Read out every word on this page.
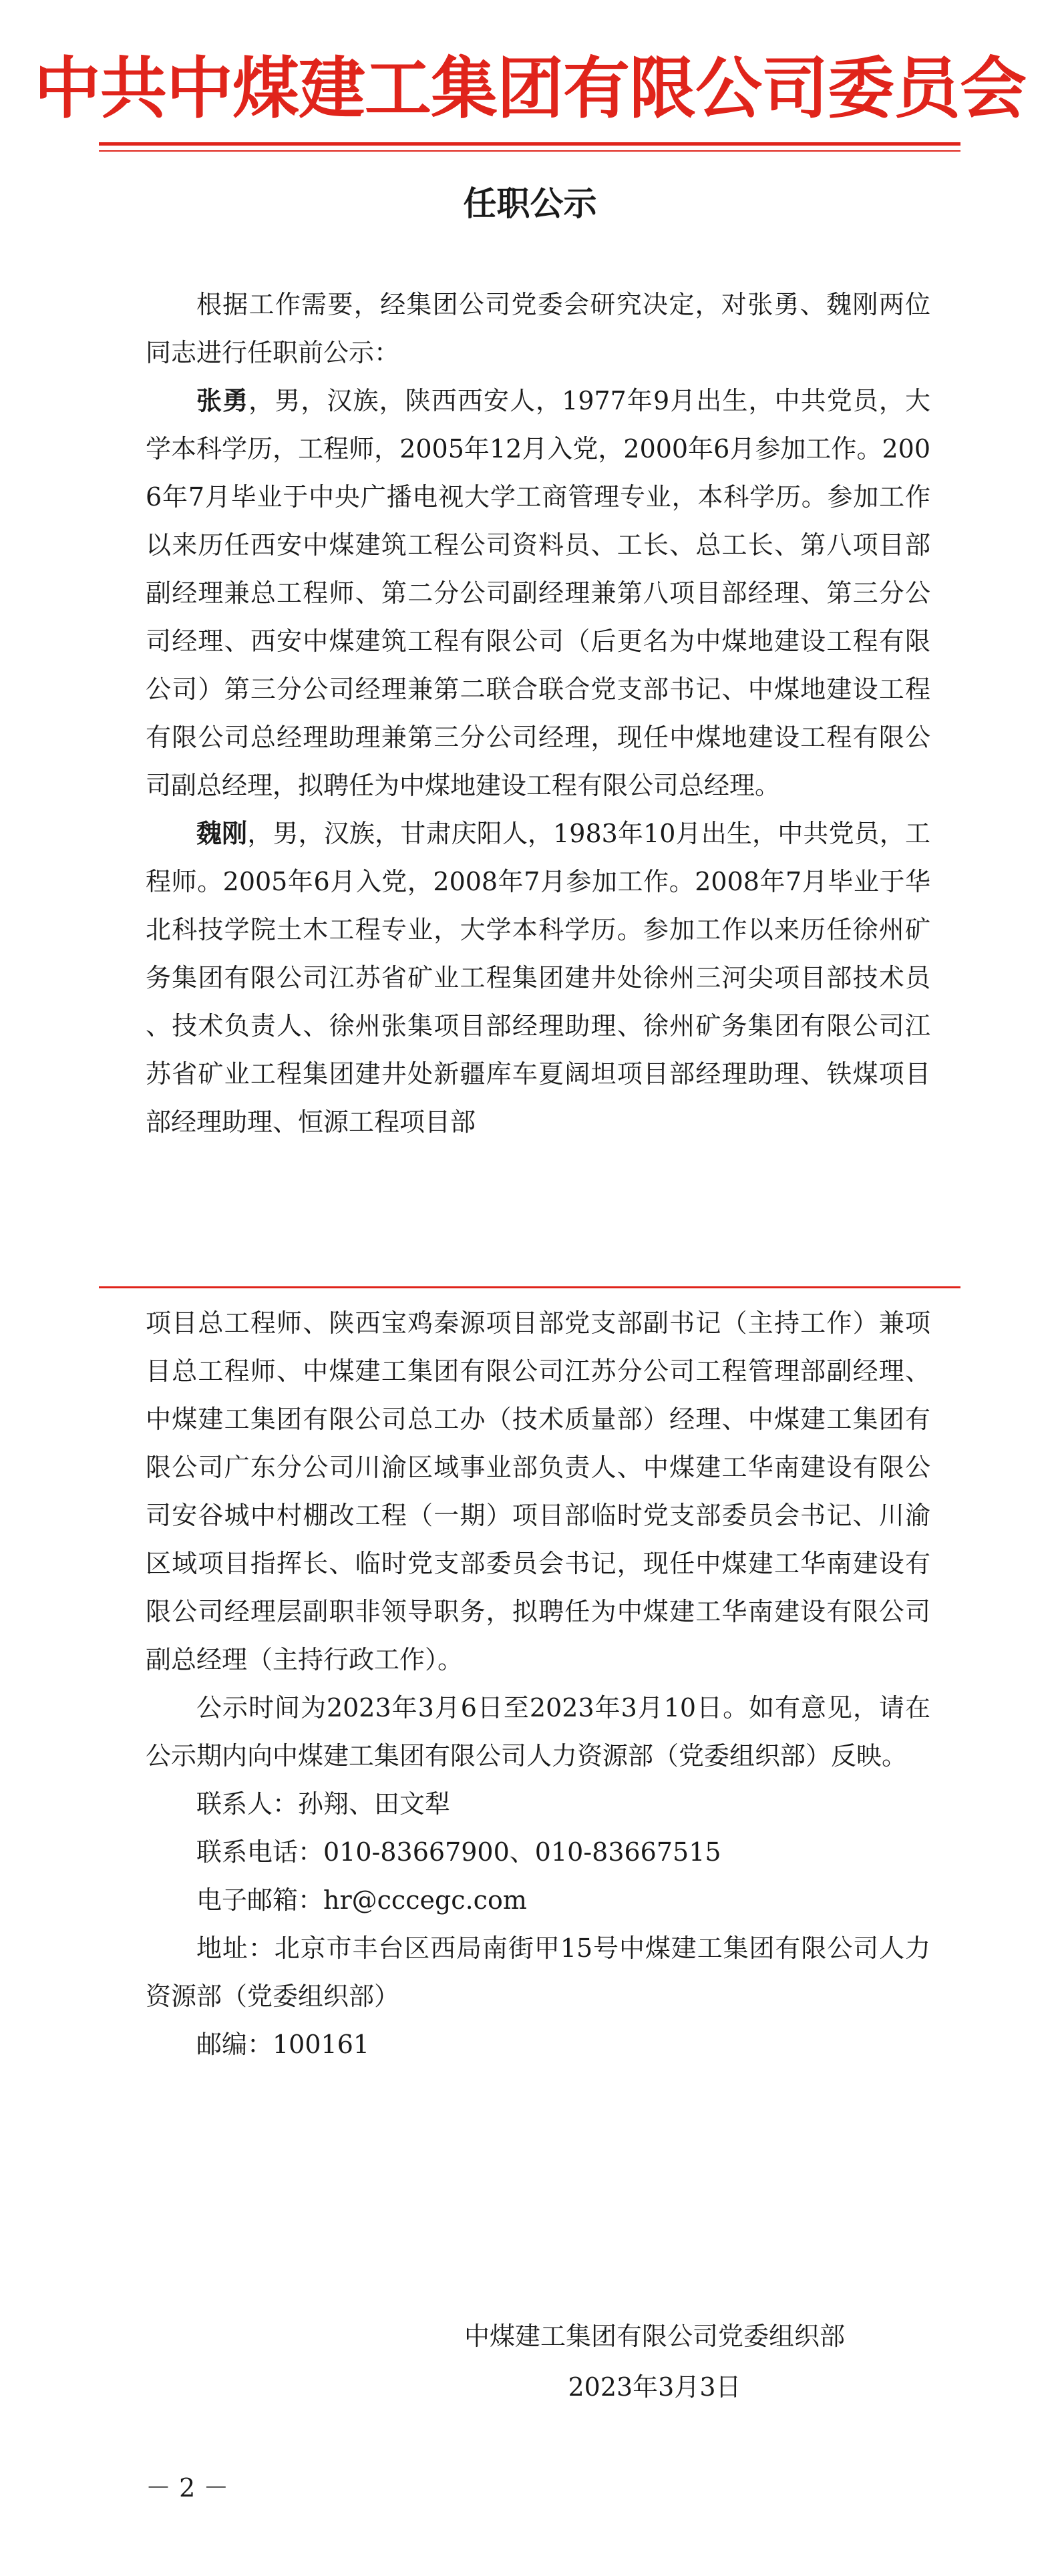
中共中煤建工集团有限公司委员会
任职公示

根据工作需要，经集团公司党委会研究决定，对张勇、魏刚两位同志进行任职前公示：

张勇，男，汉族，陕西西安人，1977年9月出生，中共党员，大学本科学历，工程师，2005年12月入党，2000年6月参加工作。2006年7月毕业于中央广播电视大学工商管理专业，本科学历。参加工作以来历任西安中煤建筑工程公司资料员、工长、总工长、第八项目部副经理兼总工程师、第二分公司副经理兼第八项目部经理、第三分公司经理、西安中煤建筑工程有限公司（后更名为中煤地建设工程有限公司）第三分公司经理兼第二联合联合党支部书记、中煤地建设工程有限公司总经理助理兼第三分公司经理，现任中煤地建设工程有限公司副总经理，拟聘任为中煤地建设工程有限公司总经理。

魏刚，男，汉族，甘肃庆阳人，1983年10月出生，中共党员，工程师。2005年6月入党，2008年7月参加工作。2008年7月毕业于华北科技学院土木工程专业，大学本科学历。参加工作以来历任徐州矿务集团有限公司江苏省矿业工程集团建井处徐州三河尖项目部技术员、技术负责人、徐州张集项目部经理助理、徐州矿务集团有限公司江苏省矿业工程集团建井处新疆库车夏阔坦项目部经理助理、铁煤项目部经理助理、恒源工程项目部

项目总工程师、陕西宝鸡秦源项目部党支部副书记（主持工作）兼项目总工程师、中煤建工集团有限公司江苏分公司工程管理部副经理、中煤建工集团有限公司总工办（技术质量部）经理、中煤建工集团有限公司广东分公司川渝区域事业部负责人、中煤建工华南建设有限公司安谷城中村棚改工程（一期）项目部临时党支部委员会书记、川渝区域项目指挥长、临时党支部委员会书记，现任中煤建工华南建设有限公司经理层副职非领导职务，拟聘任为中煤建工华南建设有限公司副总经理（主持行政工作）。

公示时间为2023年3月6日至2023年3月10日。如有意见，请在公示期内向中煤建工集团有限公司人力资源部（党委组织部）反映。

联系人：孙翔、田文犁

联系电话：010-83667900、010-83667515

电子邮箱：hr@cccegc.com

地址：北京市丰台区西局南街甲15号中煤建工集团有限公司人力资源部（党委组织部）

邮编：100161

中煤建工集团有限公司党委组织部
2023年3月3日
－ 2 －
